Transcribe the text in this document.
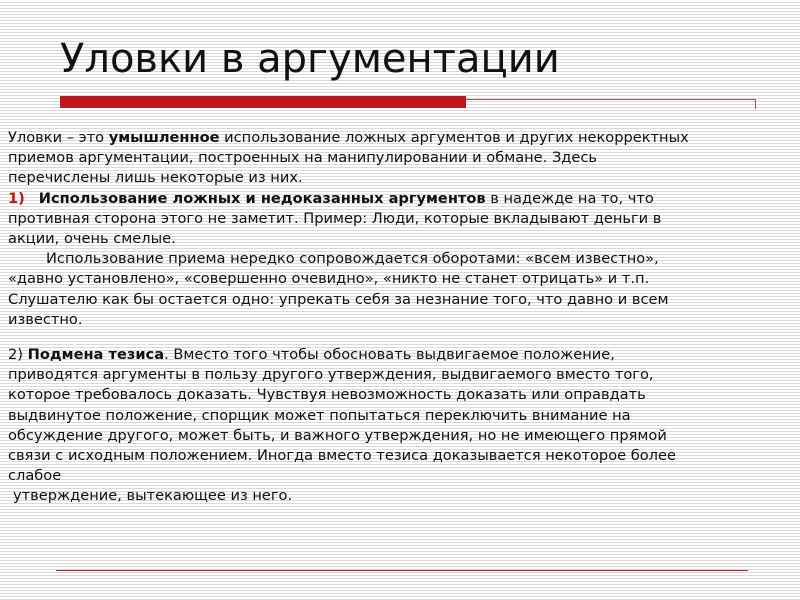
Уловки в аргументации

Уловки – это умышленное использование ложных аргументов и других некорректных приемов аргументации, построенных на манипулировании и обмане. Здесь перечислены лишь некоторые из них.

1) Использование ложных и недоказанных аргументов в надежде на то, что противная сторона этого не заметит. Пример: Люди, которые вкладывают деньги в акции, очень смелые.

Использование приема нередко сопровождается оборотами: «всем известно», «давно установлено», «совершенно очевидно», «никто не станет отрицать» и т.п. Слушателю как бы остается одно: упрекать себя за незнание того, что давно и всем известно.

2) Подмена тезиса. Вместо того чтобы обосновать выдвигаемое положение, приводятся аргументы в пользу другого утверждения, выдвигаемого вместо того, которое требовалось доказать. Чувствуя невозможность доказать или оправдать выдвинутое положение, спорщик может попытаться переключить внимание на обсуждение другого, может быть, и важного утверждения, но не имеющего прямой связи с исходным положением. Иногда вместо тезиса доказывается некоторое более слабое
утверждение, вытекающее из него.
